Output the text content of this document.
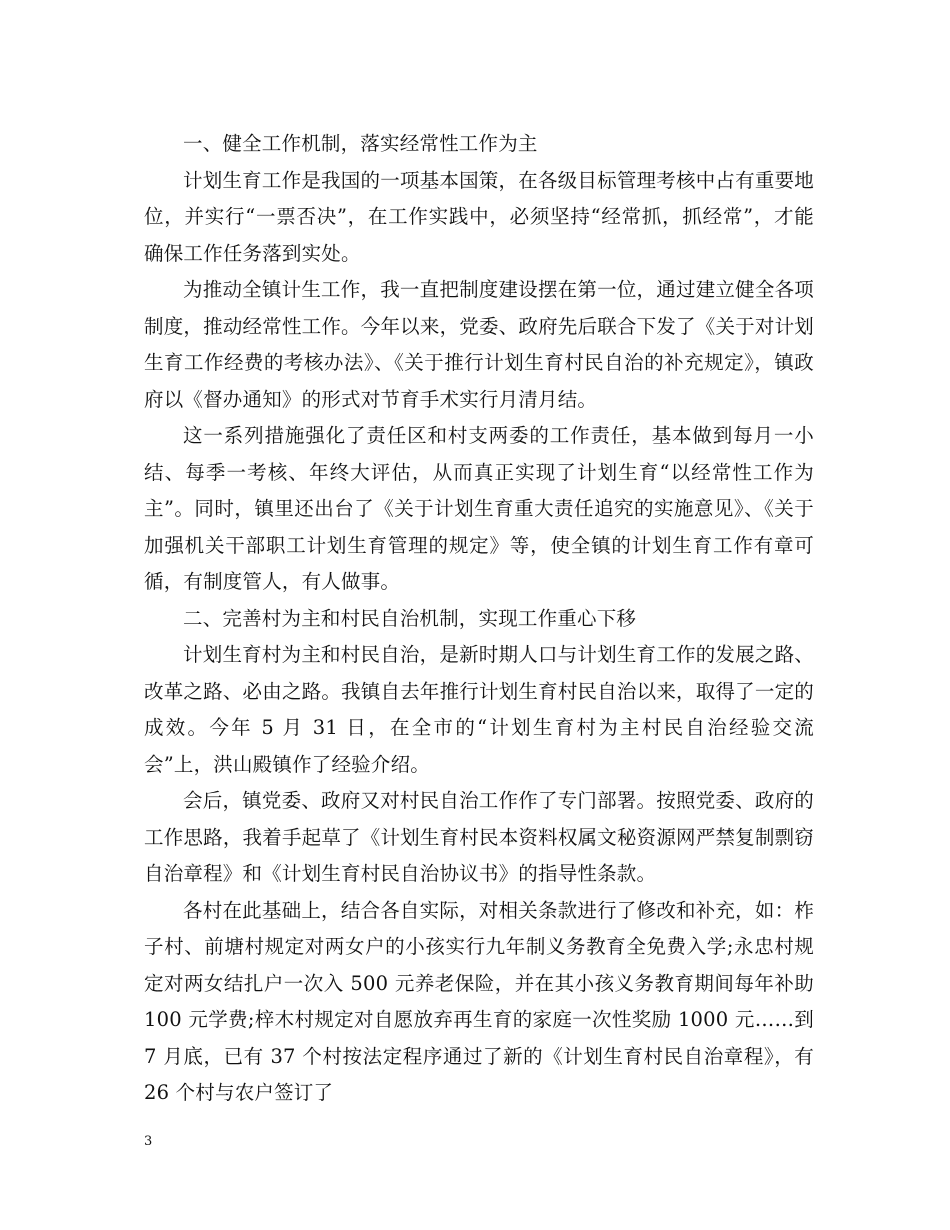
一、健全工作机制，落实经常性工作为主

计划生育工作是我国的一项基本国策，在各级目标管理考核中占有重要地位，并实行“一票否决”，在工作实践中，必须坚持“经常抓，抓经常”，才能确保工作任务落到实处。

为推动全镇计生工作，我一直把制度建设摆在第一位，通过建立健全各项制度，推动经常性工作。今年以来，党委、政府先后联合下发了《关于对计划生育工作经费的考核办法》、《关于推行计划生育村民自治的补充规定》，镇政府以《督办通知》的形式对节育手术实行月清月结。

这一系列措施强化了责任区和村支两委的工作责任，基本做到每月一小结、每季一考核、年终大评估，从而真正实现了计划生育“以经常性工作为主”。同时，镇里还出台了《关于计划生育重大责任追究的实施意见》、《关于加强机关干部职工计划生育管理的规定》等，使全镇的计划生育工作有章可循，有制度管人，有人做事。

二、完善村为主和村民自治机制，实现工作重心下移

计划生育村为主和村民自治，是新时期人口与计划生育工作的发展之路、改革之路、必由之路。我镇自去年推行计划生育村民自治以来，取得了一定的成效。今年 5 月 31 日，在全市的“计划生育村为主村民自治经验交流会”上，洪山殿镇作了经验介绍。

会后，镇党委、政府又对村民自治工作作了专门部署。按照党委、政府的工作思路，我着手起草了《计划生育村民本资料权属文秘资源网严禁复制剽窃自治章程》和《计划生育村民自治协议书》的指导性条款。

各村在此基础上，结合各自实际，对相关条款进行了修改和补充，如：柞子村、前塘村规定对两女户的小孩实行九年制义务教育全免费入学;永忠村规定对两女结扎户一次入 500 元养老保险，并在其小孩义务教育期间每年补助 100 元学费;梓木村规定对自愿放弃再生育的家庭一次性奖励 1000 元……到 7 月底，已有 37 个村按法定程序通过了新的《计划生育村民自治章程》，有 26 个村与农户签订了

3
